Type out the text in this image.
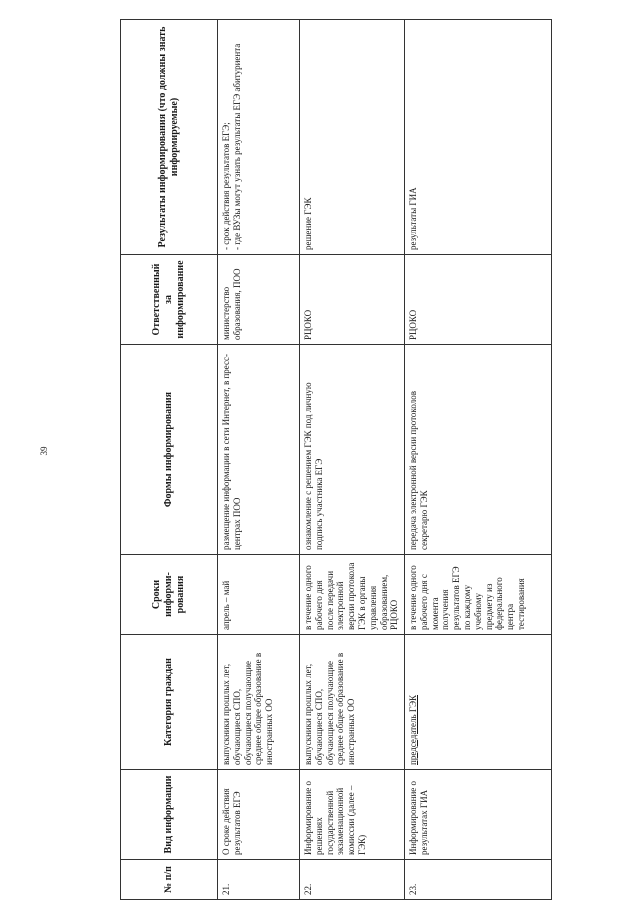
39
№ п/п	Вид информации	Категория граждан	Сроки информи-рования	Формы информирования	Ответственный за информирование	Результаты информирования (что должны знать информируемые)
21.	О сроке действия результатов ЕГЭ	выпускники прошлых лет, обучающиеся СПО, обучающиеся получающие среднее общее образование в иностранных ОО	апрель – май	размещение информации в сети Интернет, в пресс-центрах ПОО	министерство образования, ПОО	- срок действия результатов ЕГЭ; - где ВУЗы могут узнать результаты ЕГЭ абитуриента

22.	Информирование о решениях государственной экзаменационной комиссии (далее – ГЭК)	выпускники прошлых лет, обучающиеся СПО, обучающиеся получающие среднее общее образование в иностранных ОО	в течение одного рабочего дня после передачи электронной версии протокола ГЭК в органы управления образованием, РЦОКО	ознакомление с решением ГЭК под личную подпись участника ЕГЭ	РЦОКО	решение ГЭК

23.	Информирование о результатах ГИА	председатель ГЭК	в течение одного рабочего дня с момента получения результатов ЕГЭ по каждому учебному предмету из федерального центра тестирования	передача электронной версии протоколов секретарю ГЭК	РЦОКО	результаты ГИА
